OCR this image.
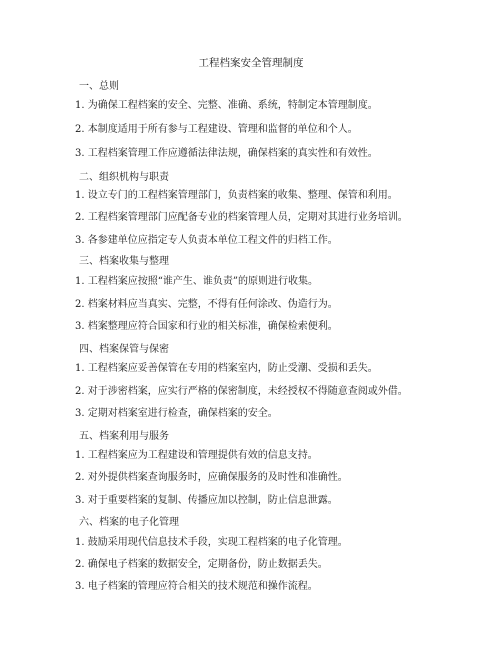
工程档案安全管理制度
一、总则
1. 为确保工程档案的安全、完整、准确、系统，特制定本管理制度。
2. 本制度适用于所有参与工程建设、管理和监督的单位和个人。
3. 工程档案管理工作应遵循法律法规，确保档案的真实性和有效性。
二、组织机构与职责
1. 设立专门的工程档案管理部门，负责档案的收集、整理、保管和利用。
2. 工程档案管理部门应配备专业的档案管理人员，定期对其进行业务培训。
3. 各参建单位应指定专人负责本单位工程文件的归档工作。
三、档案收集与整理
1. 工程档案应按照“谁产生、谁负责”的原则进行收集。
2. 档案材料应当真实、完整，不得有任何涂改、伪造行为。
3. 档案整理应符合国家和行业的相关标准，确保检索便利。
四、档案保管与保密
1. 工程档案应妥善保管在专用的档案室内，防止受潮、受损和丢失。
2. 对于涉密档案，应实行严格的保密制度，未经授权不得随意查阅或外借。
3. 定期对档案室进行检查，确保档案的安全。
五、档案利用与服务
1. 工程档案应为工程建设和管理提供有效的信息支持。
2. 对外提供档案查询服务时，应确保服务的及时性和准确性。
3. 对于重要档案的复制、传播应加以控制，防止信息泄露。
六、档案的电子化管理
1. 鼓励采用现代信息技术手段，实现工程档案的电子化管理。
2. 确保电子档案的数据安全，定期备份，防止数据丢失。
3. 电子档案的管理应符合相关的技术规范和操作流程。
